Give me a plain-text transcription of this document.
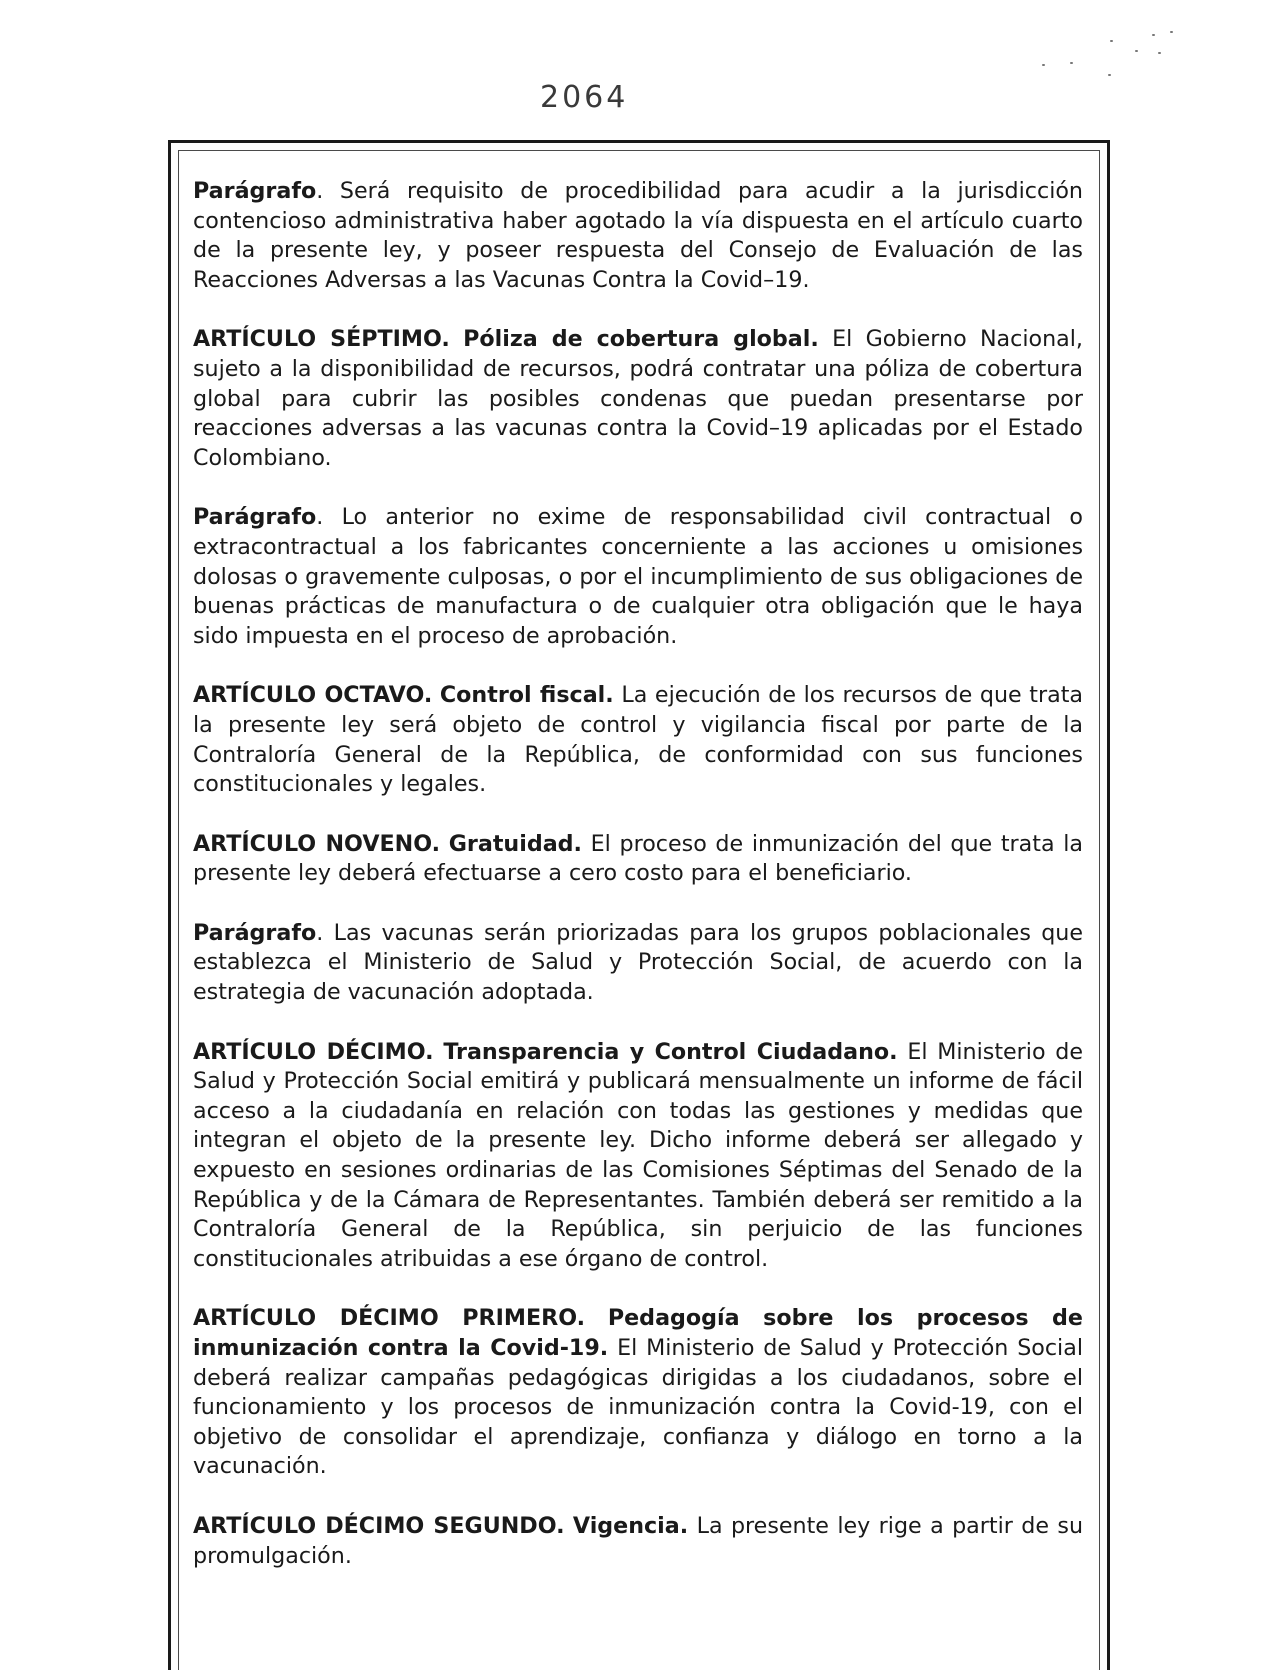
2064

Parágrafo. Será requisito de procedibilidad para acudir a la jurisdicción contencioso administrativa haber agotado la vía dispuesta en el artículo cuarto de la presente ley, y poseer respuesta del Consejo de Evaluación de las Reacciones Adversas a las Vacunas Contra la Covid–19.

ARTÍCULO SÉPTIMO. Póliza de cobertura global. El Gobierno Nacional, sujeto a la disponibilidad de recursos, podrá contratar una póliza de cobertura global para cubrir las posibles condenas que puedan presentarse por reacciones adversas a las vacunas contra la Covid–19 aplicadas por el Estado Colombiano.

Parágrafo. Lo anterior no exime de responsabilidad civil contractual o extracontractual a los fabricantes concerniente a las acciones u omisiones dolosas o gravemente culposas, o por el incumplimiento de sus obligaciones de buenas prácticas de manufactura o de cualquier otra obligación que le haya sido impuesta en el proceso de aprobación.

ARTÍCULO OCTAVO. Control fiscal. La ejecución de los recursos de que trata la presente ley será objeto de control y vigilancia fiscal por parte de la Contraloría General de la República, de conformidad con sus funciones constitucionales y legales.

ARTÍCULO NOVENO. Gratuidad. El proceso de inmunización del que trata la presente ley deberá efectuarse a cero costo para el beneficiario.

Parágrafo. Las vacunas serán priorizadas para los grupos poblacionales que establezca el Ministerio de Salud y Protección Social, de acuerdo con la estrategia de vacunación adoptada.

ARTÍCULO DÉCIMO. Transparencia y Control Ciudadano. El Ministerio de Salud y Protección Social emitirá y publicará mensualmente un informe de fácil acceso a la ciudadanía en relación con todas las gestiones y medidas que integran el objeto de la presente ley. Dicho informe deberá ser allegado y expuesto en sesiones ordinarias de las Comisiones Séptimas del Senado de la República y de la Cámara de Representantes. También deberá ser remitido a la Contraloría General de la República, sin perjuicio de las funciones constitucionales atribuidas a ese órgano de control.

ARTÍCULO DÉCIMO PRIMERO. Pedagogía sobre los procesos de inmunización contra la Covid-19. El Ministerio de Salud y Protección Social deberá realizar campañas pedagógicas dirigidas a los ciudadanos, sobre el funcionamiento y los procesos de inmunización contra la Covid-19, con el objetivo de consolidar el aprendizaje, confianza y diálogo en torno a la vacunación.

ARTÍCULO DÉCIMO SEGUNDO. Vigencia. La presente ley rige a partir de su promulgación.
